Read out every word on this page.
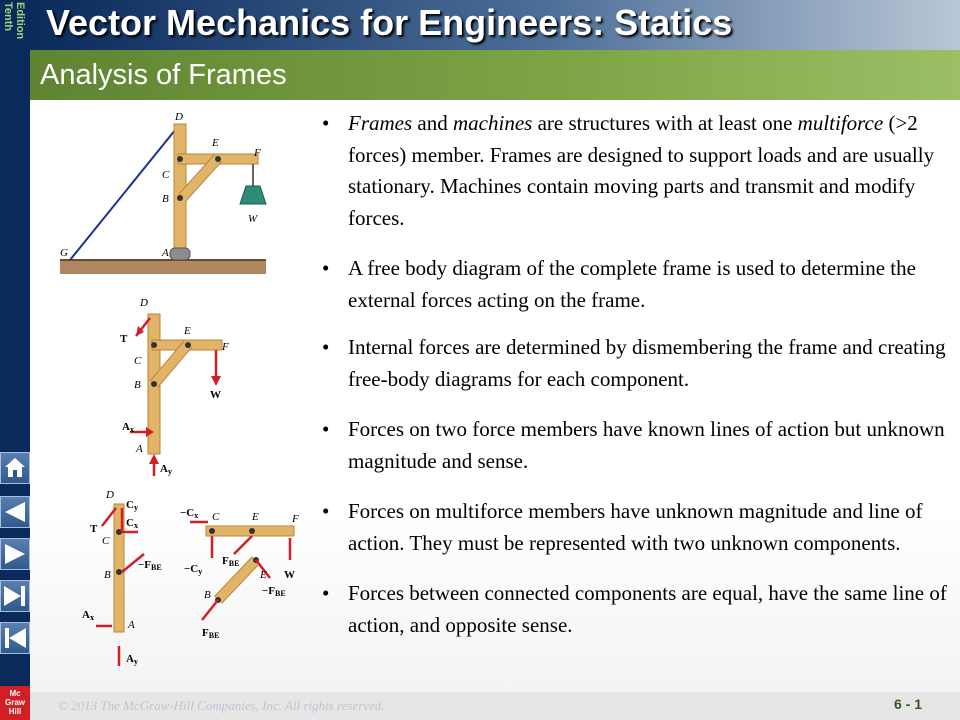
Tenth Edition Vector Mechanics for Engineers: Statics
Analysis of Frames
• Frames and machines are structures with at least one multiforce (>2 forces) member. Frames are designed to support loads and are usually stationary. Machines contain moving parts and transmit and modify forces.
• A free body diagram of the complete frame is used to determine the external forces acting on the frame.
• Internal forces are determined by dismembering the frame and creating free-body diagrams for each component.
• Forces on two force members have known lines of action but unknown magnitude and sense.
• Forces on multiforce members have unknown magnitude and line of action. They must be represented with two unknown components.
• Forces between connected components are equal, have the same line of action, and opposite sense.
D
E
F
C
B
W
G	A
D
T
E
F
C
B
W
Ax
A
Ay
D
T
Cy
Cx
C
−FBE
B
Ax
A
Ay
−Cx C	E	F
FBE
−Cy	E W
−FBE
B
FBE
© 2013 The McGraw-Hill Companies, Inc. All rights reserved.	6 - 1
Mc
Graw
Hill
